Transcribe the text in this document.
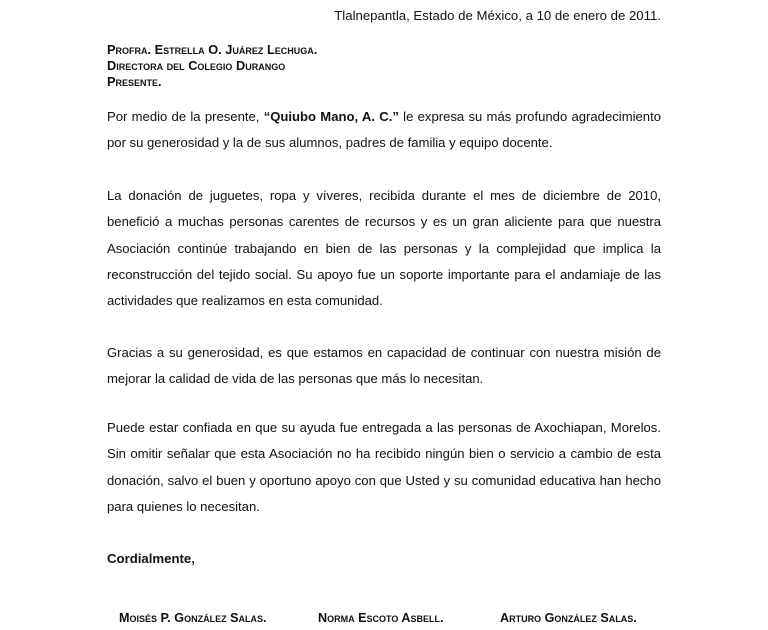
Tlalnepantla, Estado de México, a 10 de enero de 2011.
Profra. Estrella O. Juárez Lechuga.
Directora del Colegio Durango
Presente.

Por medio de la presente, “Quiubo Mano, A. C.” le expresa su más profundo agradecimiento por su generosidad y la de sus alumnos, padres de familia y equipo docente.

La donación de juguetes, ropa y víveres, recibida durante el mes de diciembre de 2010, benefició a muchas personas carentes de recursos y es un gran aliciente para que nuestra Asociación continúe trabajando en bien de las personas y la complejidad que implica la reconstrucción del tejido social. Su apoyo fue un soporte importante para el andamiaje de las actividades que realizamos en esta comunidad.

Gracias a su generosidad, es que estamos en capacidad de continuar con nuestra misión de mejorar la calidad de vida de las personas que más lo necesitan.

Puede estar confiada en que su ayuda fue entregada a las personas de Axochiapan, Morelos. Sin omitir señalar que esta Asociación no ha recibido ningún bien o servicio a cambio de esta donación, salvo el buen y oportuno apoyo con que Usted y su comunidad educativa han hecho para quienes lo necesitan.

Cordialmente,
Moisés P. González Salas.	Norma Escoto Asbell.	Arturo González Salas.
